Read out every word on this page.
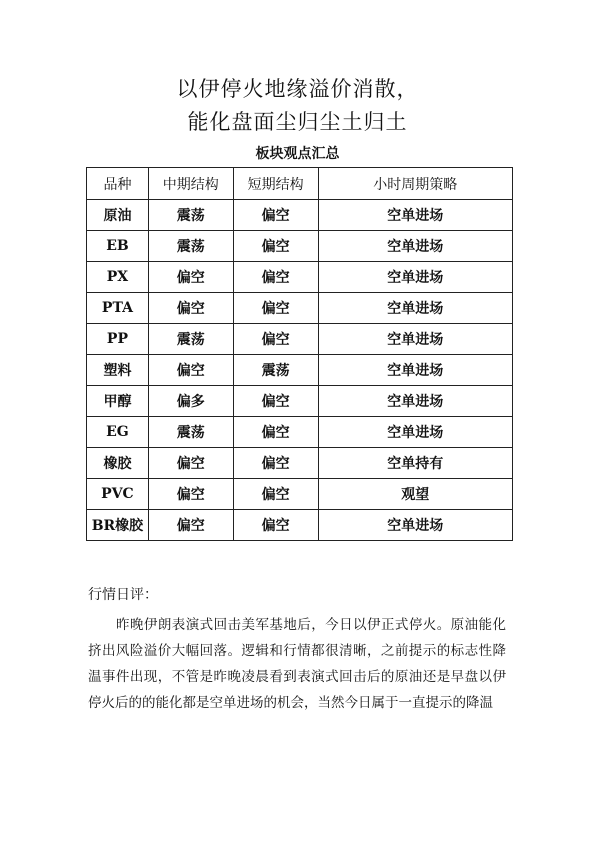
以伊停火地缘溢价消散，
能化盘面尘归尘土归土
板块观点汇总
品种	中期结构	短期结构	小时周期策略
原油	震荡	偏空	空单进场
EB	震荡	偏空	空单进场
PX	偏空	偏空	空单进场
PTA	偏空	偏空	空单进场
PP	震荡	偏空	空单进场
塑料	偏空	震荡	空单进场
甲醇	偏多	偏空	空单进场
EG	震荡	偏空	空单进场
橡胶	偏空	偏空	空单持有
PVC	偏空	偏空	观望
BR橡胶	偏空	偏空	空单进场
行情日评：
昨晚伊朗表演式回击美军基地后，今日以伊正式停火。原油能化挤出风险溢价大幅回落。逻辑和行情都很清晰，之前提示的标志性降温事件出现，不管是昨晚凌晨看到表演式回击后的原油还是早盘以伊停火后的的能化都是空单进场的机会，当然今日属于一直提示的降温
